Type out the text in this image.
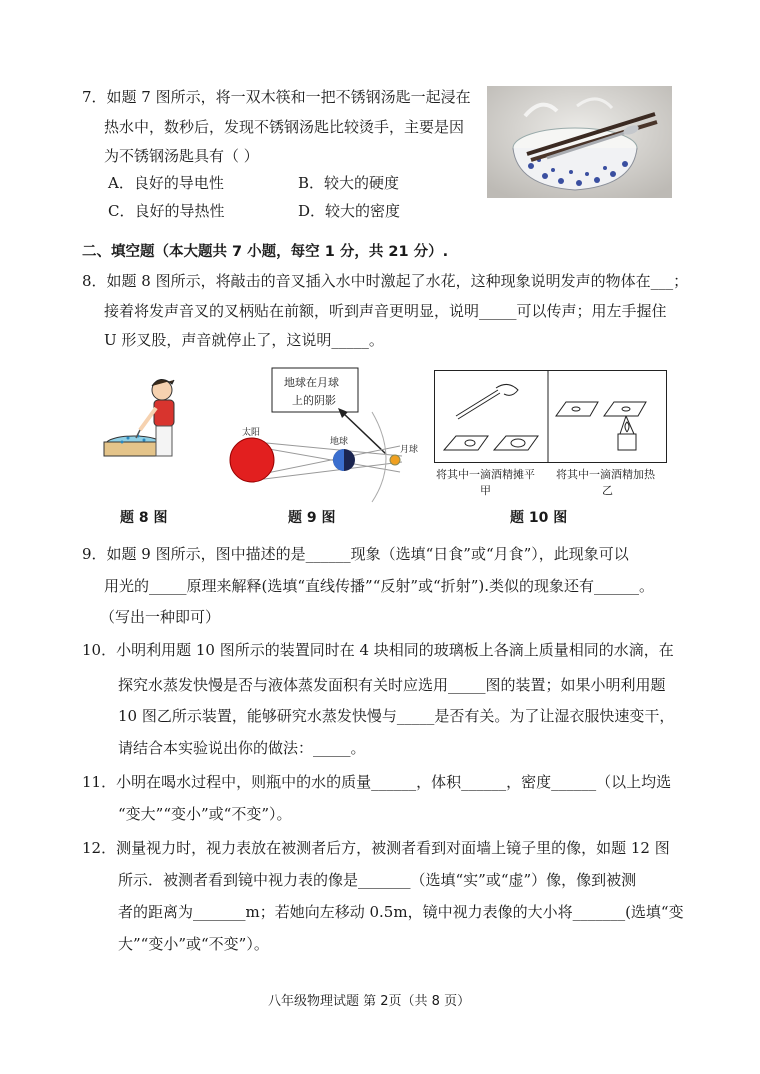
7．如题 7 图所示，将一双木筷和一把不锈钢汤匙一起浸在
热水中，数秒后，发现不锈钢汤匙比较烫手，主要是因
为不锈钢汤匙具有（ ）
A．良好的导电性	B．较大的硬度
C．良好的导热性	D．较大的密度
二、填空题（本大题共 7 小题，每空 1 分，共 21 分）.
8．如题 8 图所示，将敲击的音叉插入水中时激起了水花，这种现象说明发声的物体在___；
接着将发声音叉的叉柄贴在前额，听到声音更明显，说明_____可以传声；用左手握住
U 形叉股，声音就停止了，这说明_____。
地球在月球
上的阴影
太阳
地球
月球
将其中一滴酒精摊平
甲
将其中一滴酒精加热
乙
题 8 图	题 9 图	题 10 图
9．如题 9 图所示，图中描述的是______现象（选填“日食”或“月食”），此现象可以
用光的_____原理来解释(选填“直线传播”“反射”或“折射”).类似的现象还有______。
（写出一种即可）
10．小明利用题 10 图所示的装置同时在 4 块相同的玻璃板上各滴上质量相同的水滴，在
探究水蒸发快慢是否与液体蒸发面积有关时应选用_____图的装置；如果小明利用题
10 图乙所示装置，能够研究水蒸发快慢与_____是否有关。为了让湿衣服快速变干，
请结合本实验说出你的做法：_____。
11．小明在喝水过程中，则瓶中的水的质量______，体积______，密度______（以上均选
“变大”“变小”或“不变”）。
12．测量视力时，视力表放在被测者后方，被测者看到对面墙上镜子里的像，如题 12 图
所示．被测者看到镜中视力表的像是_______（选填“实”或“虚”）像，像到被测
者的距离为_______m；若她向左移动 0.5m，镜中视力表像的大小将_______(选填“变
大”“变小”或“不变”）。
八年级物理试题 第 2页（共 8 页）
